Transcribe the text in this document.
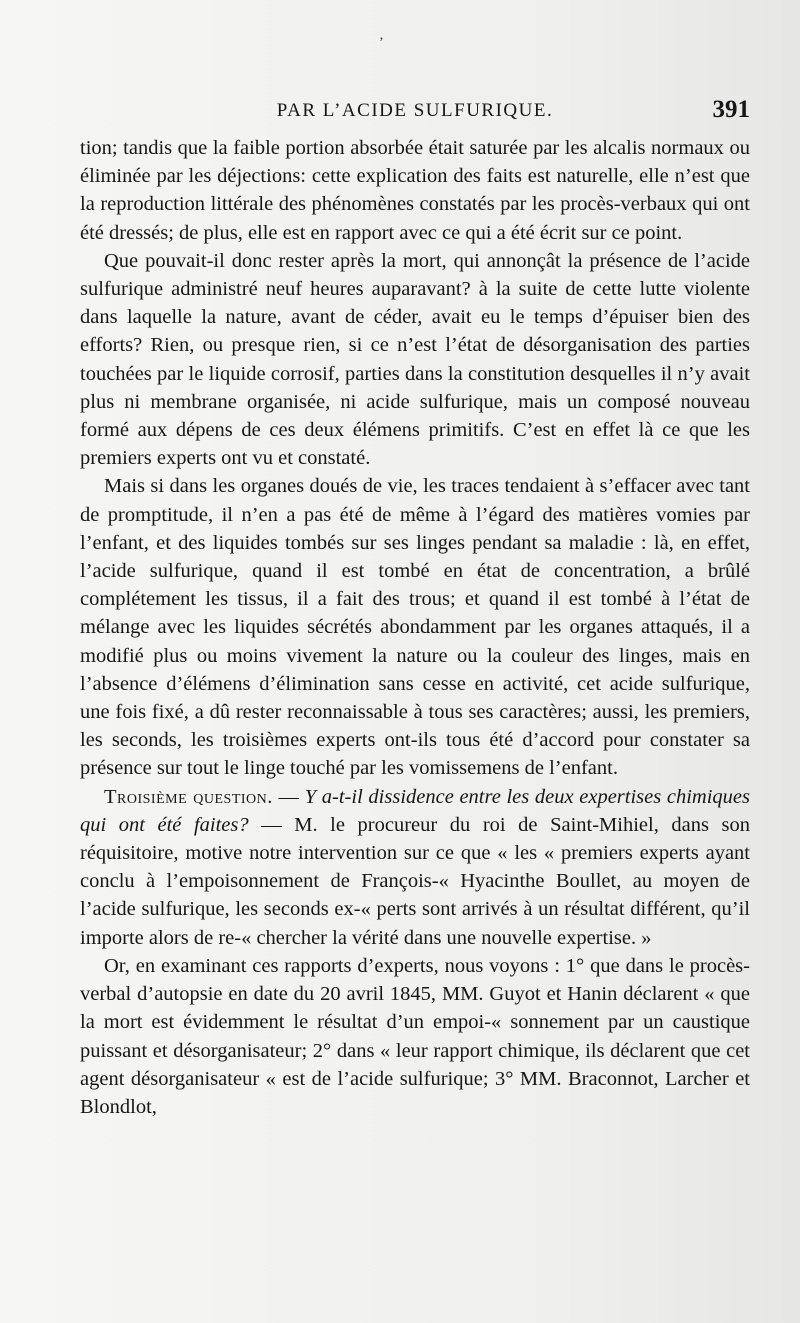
‚
PAR L’ACIDE SULFURIQUE.	391

tion; tandis que la faible portion absorbée était saturée par les alcalis normaux ou éliminée par les déjections: cette explication des faits est naturelle, elle n’est que la reproduction littérale des phénomènes constatés par les procès-verbaux qui ont été dressés; de plus, elle est en rapport avec ce qui a été écrit sur ce point.

Que pouvait-il donc rester après la mort, qui annonçât la présence de l’acide sulfurique administré neuf heures auparavant? à la suite de cette lutte violente dans laquelle la nature, avant de céder, avait eu le temps d’épuiser bien des efforts? Rien, ou presque rien, si ce n’est l’état de désorganisation des parties touchées par le liquide corrosif, parties dans la constitution desquelles il n’y avait plus ni membrane organisée, ni acide sulfurique, mais un composé nouveau formé aux dépens de ces deux élémens primitifs. C’est en effet là ce que les premiers experts ont vu et constaté.

Mais si dans les organes doués de vie, les traces tendaient à s’effacer avec tant de promptitude, il n’en a pas été de même à l’égard des matières vomies par l’enfant, et des liquides tombés sur ses linges pendant sa maladie : là, en effet, l’acide sulfurique, quand il est tombé en état de concentration, a brûlé complétement les tissus, il a fait des trous; et quand il est tombé à l’état de mélange avec les liquides sécrétés abondamment par les organes attaqués, il a modifié plus ou moins vivement la nature ou la couleur des linges, mais en l’absence d’élémens d’élimination sans cesse en activité, cet acide sulfurique, une fois fixé, a dû rester reconnaissable à tous ses caractères; aussi, les premiers, les seconds, les troisièmes experts ont-ils tous été d’accord pour constater sa présence sur tout le linge touché par les vomissemens de l’enfant.

Troisième question. — Y a-t-il dissidence entre les deux expertises chimiques qui ont été faites? — M. le procureur du roi de Saint-Mihiel, dans son réquisitoire, motive notre intervention sur ce que « les « premiers experts ayant conclu à l’empoisonnement de François-« Hyacinthe Boullet, au moyen de l’acide sulfurique, les seconds ex-« perts sont arrivés à un résultat différent, qu’il importe alors de re-« chercher la vérité dans une nouvelle expertise. »

Or, en examinant ces rapports d’experts, nous voyons : 1° que dans le procès-verbal d’autopsie en date du 20 avril 1845, MM. Guyot et Hanin déclarent « que la mort est évidemment le résultat d’un empoi-« sonnement par un caustique puissant et désorganisateur; 2° dans « leur rapport chimique, ils déclarent que cet agent désorganisateur « est de l’acide sulfurique; 3° MM. Braconnot, Larcher et Blondlot,
